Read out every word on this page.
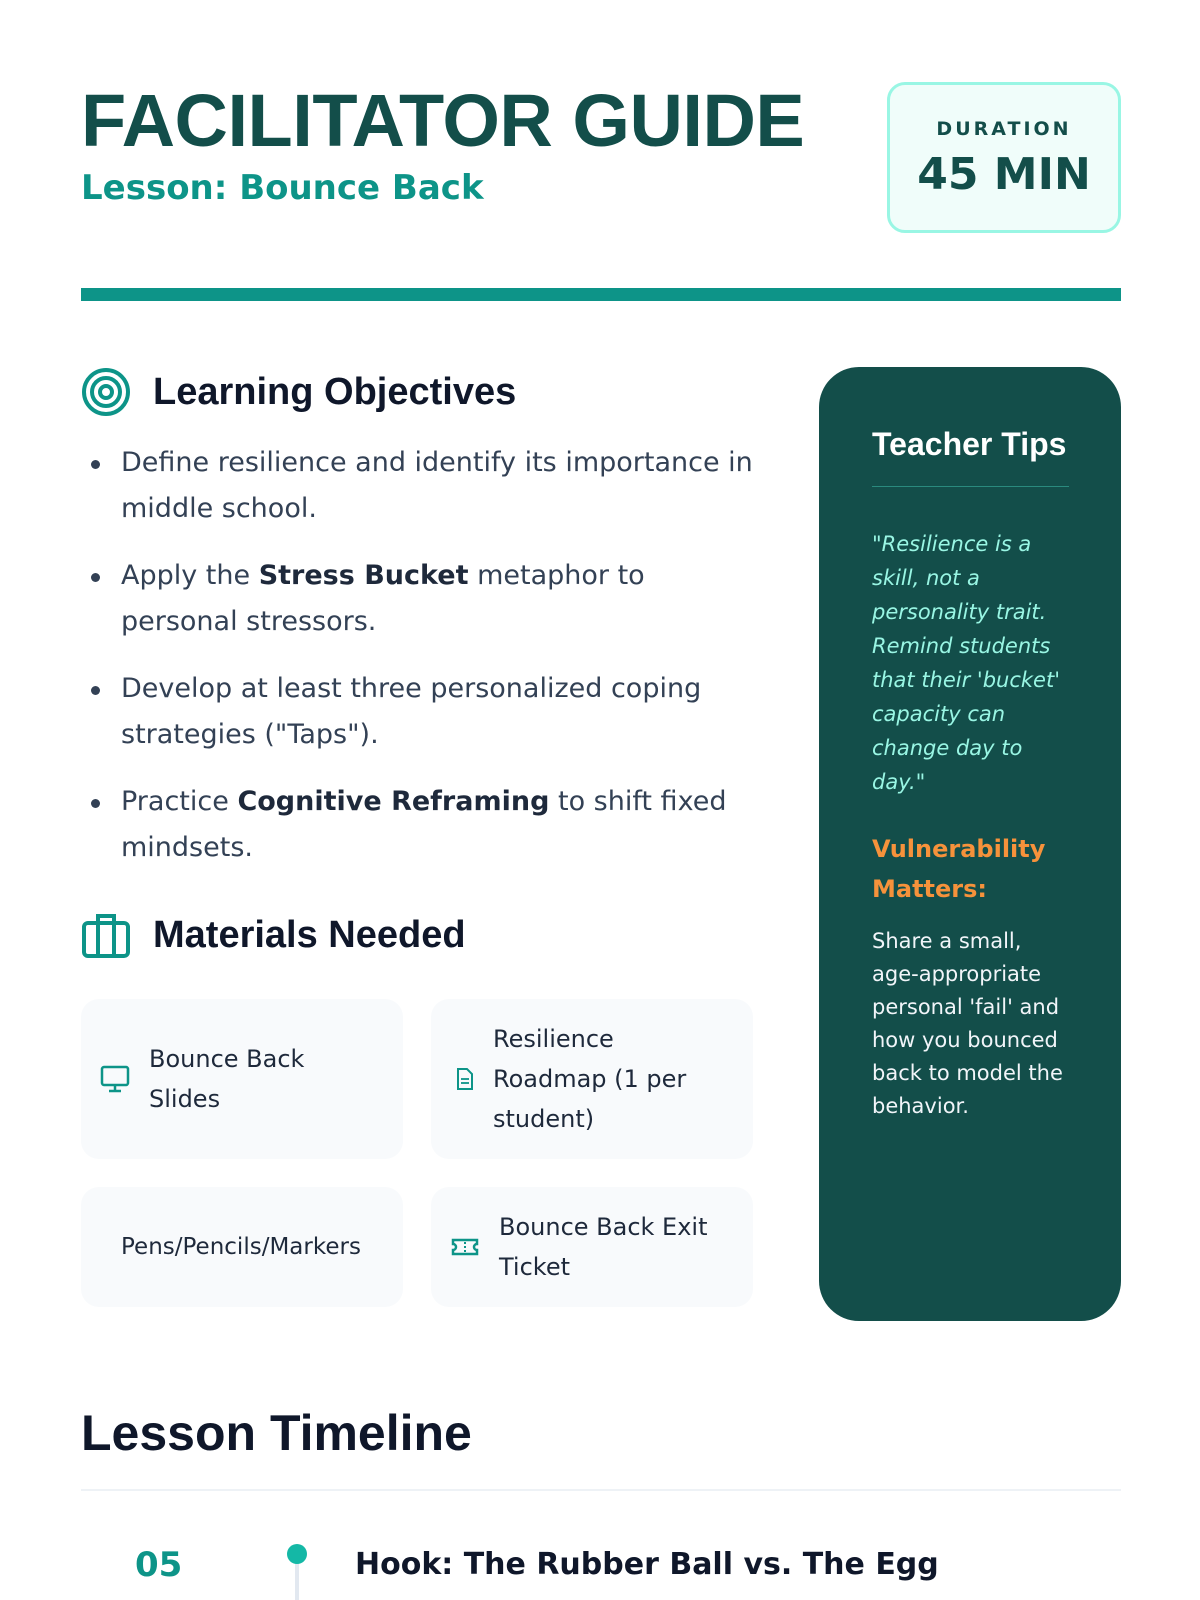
FACILITATOR GUIDE
Lesson: Bounce Back
DURATION
45 MIN
Learning Objectives
Define resilience and identify its importance in middle school.
Apply the Stress Bucket metaphor to personal stressors.
Develop at least three personalized coping strategies ("Taps").
Practice Cognitive Reframing to shift fixed mindsets.
Materials Needed
Bounce Back Slides
Resilience Roadmap (1 per student)
Pens/Pencils/Markers
Bounce Back Exit Ticket
Teacher Tips
"Resilience is a skill, not a personality trait. Remind students that their 'bucket' capacity can change day to day."
Vulnerability Matters:
Share a small, age-appropriate personal 'fail' and how you bounced back to model the behavior.
Lesson Timeline
05	Hook: The Rubber Ball vs. The Egg
